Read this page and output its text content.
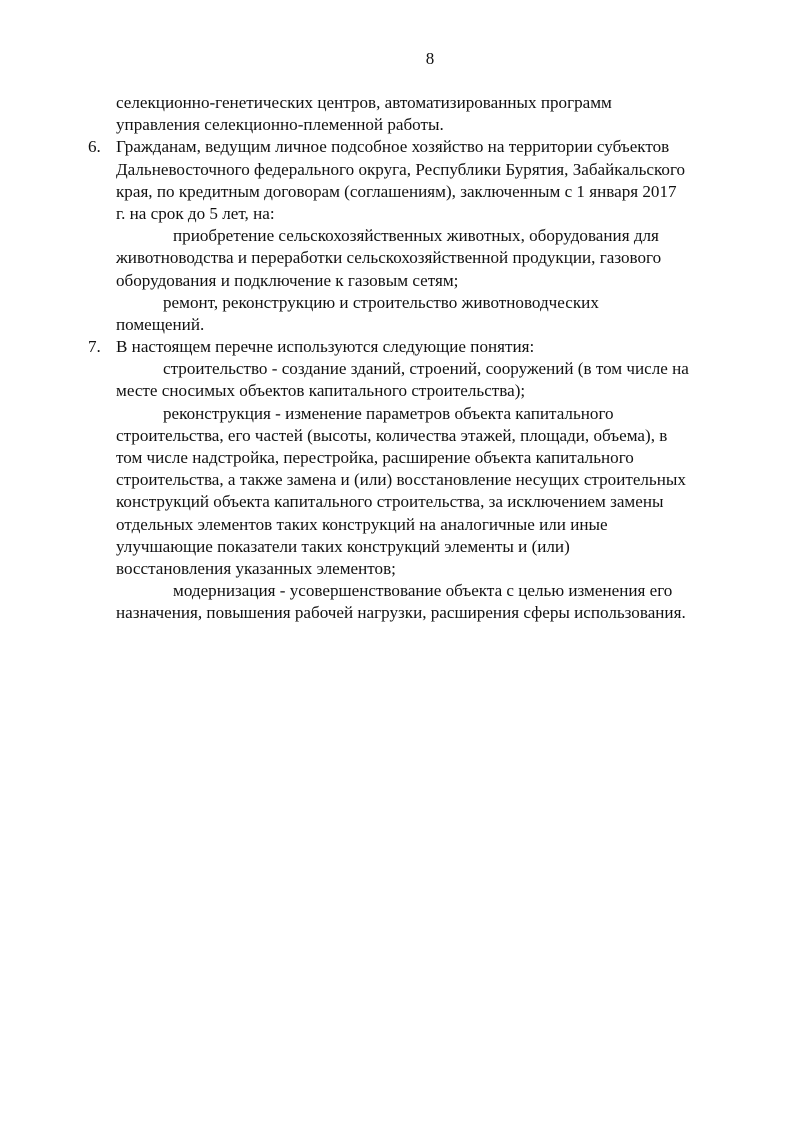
8
селекционно-генетических центров, автоматизированных программ
управления селекционно-племенной работы.
6. Гражданам, ведущим личное подсобное хозяйство на территории субъектов
Дальневосточного федерального округа, Республики Бурятия, Забайкальского
края, по кредитным договорам (соглашениям), заключенным с 1 января 2017
г. на срок до 5 лет, на:
приобретение сельскохозяйственных животных, оборудования для
животноводства и переработки сельскохозяйственной продукции, газового
оборудования и подключение к газовым сетям;
ремонт, реконструкцию и строительство животноводческих
помещений.
7. В настоящем перечне используются следующие понятия:
строительство - создание зданий, строений, сооружений (в том числе на
месте сносимых объектов капитального строительства);
реконструкция - изменение параметров объекта капитального
строительства, его частей (высоты, количества этажей, площади, объема), в
том числе надстройка, перестройка, расширение объекта капитального
строительства, а также замена и (или) восстановление несущих строительных
конструкций объекта капитального строительства, за исключением замены
отдельных элементов таких конструкций на аналогичные или иные
улучшающие показатели таких конструкций элементы и (или)
восстановления указанных элементов;
модернизация - усовершенствование объекта с целью изменения его
назначения, повышения рабочей нагрузки, расширения сферы использования.
